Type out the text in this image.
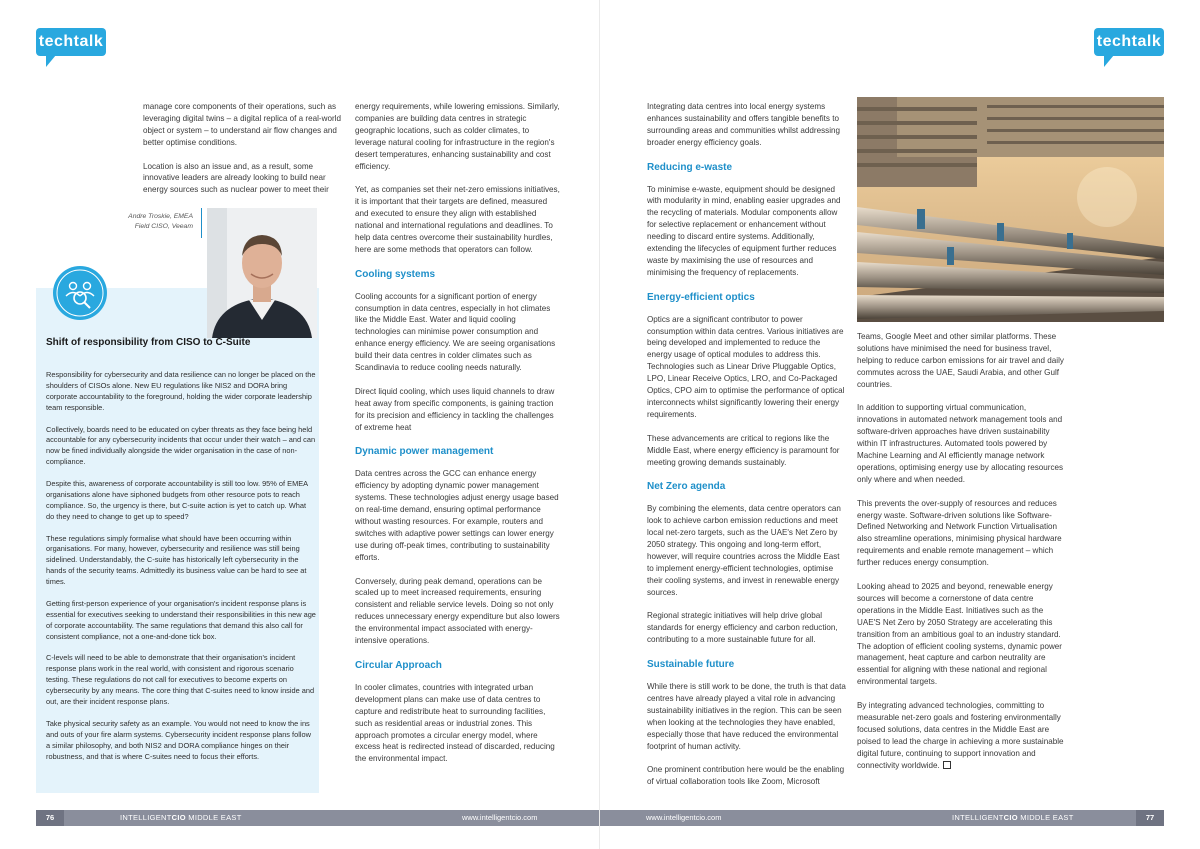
techtalk

manage core components of their operations, such as leveraging digital twins – a digital replica of a real-world object or system – to understand air flow changes and better optimise conditions.

Location is also an issue and, as a result, some innovative leaders are already looking to build near energy sources such as nuclear power to meet their

Andre Troskie, EMEA
Field CISO, Veeam
Shift of responsibility from CISO to C-Suite

Responsibility for cybersecurity and data resilience can no longer be placed on the shoulders of CISOs alone. New EU regulations like NIS2 and DORA bring corporate accountability to the foreground, holding the wider corporate leadership team responsible.

Collectively, boards need to be educated on cyber threats as they face being held accountable for any cybersecurity incidents that occur under their watch – and can now be fined individually alongside the wider organisation in the case of non-compliance.

Despite this, awareness of corporate accountability is still too low. 95% of EMEA organisations alone have siphoned budgets from other resource pots to reach compliance. So, the urgency is there, but C-suite action is yet to catch up. What do they need to change to get up to speed?

These regulations simply formalise what should have been occurring within organisations. For many, however, cybersecurity and resilience was still being sidelined. Understandably, the C-suite has historically left cybersecurity in the hands of the security teams. Admittedly its business value can be hard to see at times.

Getting first-person experience of your organisation's incident response plans is essential for executives seeking to understand their responsibilities in this new age of corporate accountability. The same regulations that demand this also call for consistent compliance, not a one-and-done tick box.

C-levels will need to be able to demonstrate that their organisation's incident response plans work in the real world, with consistent and rigorous scenario testing. These regulations do not call for executives to become experts on cybersecurity by any means. The core thing that C-suites need to know inside and out, are their incident response plans.

Take physical security safety as an example. You would not need to know the ins and outs of your fire alarm systems. Cybersecurity incident response plans follow a similar philosophy, and both NIS2 and DORA compliance hinges on their robustness, and that is where C-suites need to focus their efforts.

energy requirements, while lowering emissions. Similarly, companies are building data centres in strategic geographic locations, such as colder climates, to leverage natural cooling for infrastructure in the region's desert temperatures, enhancing sustainability and cost efficiency.

Yet, as companies set their net-zero emissions initiatives, it is important that their targets are defined, measured and executed to ensure they align with established national and international regulations and deadlines. To help data centres overcome their sustainability hurdles, here are some methods that operators can follow.

Cooling systems

Cooling accounts for a significant portion of energy consumption in data centres, especially in hot climates like the Middle East. Water and liquid cooling technologies can minimise power consumption and enhance energy efficiency. We are seeing organisations build their data centres in colder climates such as Scandinavia to reduce cooling needs naturally.

Direct liquid cooling, which uses liquid channels to draw heat away from specific components, is gaining traction for its precision and efficiency in tackling the challenges of extreme heat

Dynamic power management

Data centres across the GCC can enhance energy efficiency by adopting dynamic power management systems. These technologies adjust energy usage based on real-time demand, ensuring optimal performance without wasting resources. For example, routers and switches with adaptive power settings can lower energy use during off-peak times, contributing to sustainability efforts.

Conversely, during peak demand, operations can be scaled up to meet increased requirements, ensuring consistent and reliable service levels. Doing so not only reduces unnecessary energy expenditure but also lowers the environmental impact associated with energy-intensive operations.

Circular Approach

In cooler climates, countries with integrated urban development plans can make use of data centres to capture and redistribute heat to surrounding facilities, such as residential areas or industrial zones. This approach promotes a circular energy model, where excess heat is redirected instead of discarded, reducing the environmental impact.

76	INTELLIGENTCIO MIDDLE EAST	www.intelligentcio.com
techtalk

Integrating data centres into local energy systems enhances sustainability and offers tangible benefits to surrounding areas and communities whilst addressing broader energy efficiency goals.

Reducing e-waste

To minimise e-waste, equipment should be designed with modularity in mind, enabling easier upgrades and the recycling of materials. Modular components allow for selective replacement or enhancement without needing to discard entire systems. Additionally, extending the lifecycles of equipment further reduces waste by maximising the use of resources and minimising the frequency of replacements.

Energy-efficient optics

Optics are a significant contributor to power consumption within data centres. Various initiatives are being developed and implemented to reduce the energy usage of optical modules to address this. Technologies such as Linear Drive Pluggable Optics, LPO, Linear Receive Optics, LRO, and Co-Packaged Optics, CPO aim to optimise the performance of optical interconnects whilst significantly lowering their energy requirements.

These advancements are critical to regions like the Middle East, where energy efficiency is paramount for meeting growing demands sustainably.

Net Zero agenda

By combining the elements, data centre operators can look to achieve carbon emission reductions and meet local net-zero targets, such as the UAE's Net Zero by 2050 strategy. This ongoing and long-term effort, however, will require countries across the Middle East to implement energy-efficient technologies, optimise their cooling systems, and invest in renewable energy sources.

Regional strategic initiatives will help drive global standards for energy efficiency and carbon reduction, contributing to a more sustainable future for all.

Sustainable future

While there is still work to be done, the truth is that data centres have already played a vital role in advancing sustainability initiatives in the region. This can be seen when looking at the technologies they have enabled, especially those that have reduced the environmental footprint of human activity.

One prominent contribution here would be the enabling of virtual collaboration tools like Zoom, Microsoft

Teams, Google Meet and other similar platforms. These solutions have minimised the need for business travel, helping to reduce carbon emissions for air travel and daily commutes across the UAE, Saudi Arabia, and other Gulf countries.

In addition to supporting virtual communication, innovations in automated network management tools and software-driven approaches have driven sustainability within IT infrastructures. Automated tools powered by Machine Learning and AI efficiently manage network operations, optimising energy use by allocating resources only where and when needed.

This prevents the over-supply of resources and reduces energy waste. Software-driven solutions like Software-Defined Networking and Network Function Virtualisation also streamline operations, minimising physical hardware requirements and enable remote management – which further reduces energy consumption.

Looking ahead to 2025 and beyond, renewable energy sources will become a cornerstone of data centre operations in the Middle East. Initiatives such as the UAE'S Net Zero by 2050 Strategy are accelerating this transition from an ambitious goal to an industry standard. The adoption of efficient cooling systems, dynamic power management, heat capture and carbon neutrality are essential for aligning with these national and regional environmental targets.

By integrating advanced technologies, committing to measurable net-zero goals and fostering environmentally focused solutions, data centres in the Middle East are poised to lead the charge in achieving a more sustainable digital future, continuing to support innovation and connectivity worldwide.

www.intelligentcio.com	INTELLIGENTCIO MIDDLE EAST	77
